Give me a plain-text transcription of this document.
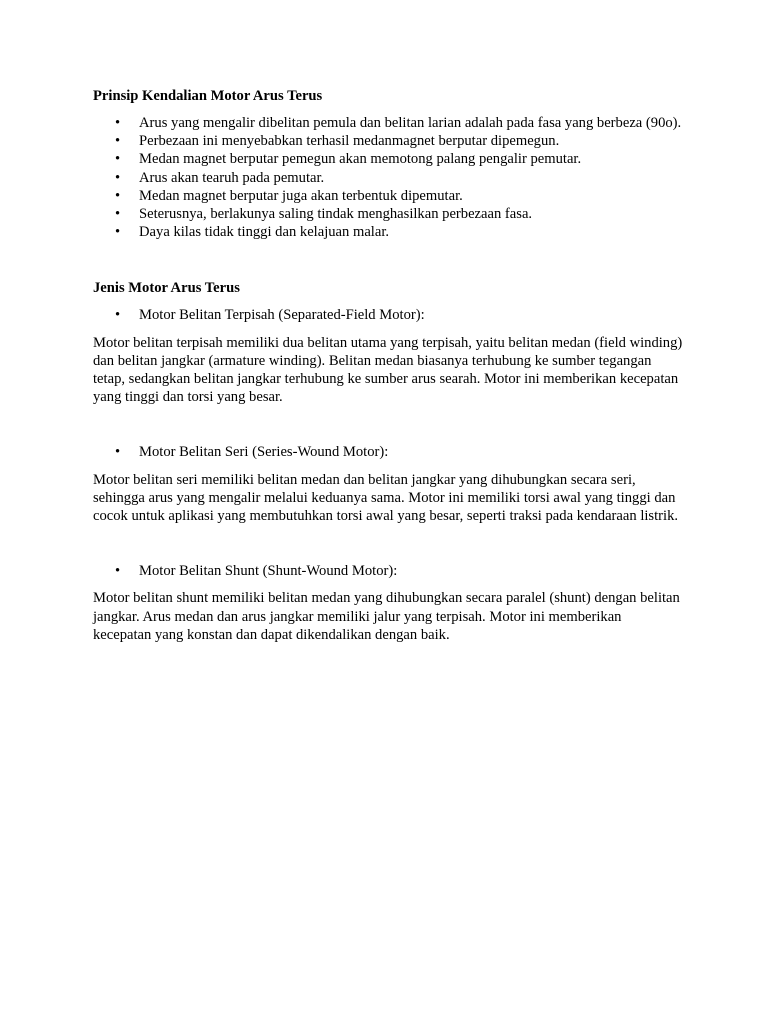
Prinsip Kendalian Motor Arus Terus
• Arus yang mengalir dibelitan pemula dan belitan larian adalah pada fasa yang berbeza (90o).
• Perbezaan ini menyebabkan terhasil medanmagnet berputar dipemegun.
• Medan magnet berputar pemegun akan memotong palang pengalir pemutar.
• Arus akan tearuh pada pemutar.
• Medan magnet berputar juga akan terbentuk dipemutar.
• Seterusnya, berlakunya saling tindak menghasilkan perbezaan fasa.
• Daya kilas tidak tinggi dan kelajuan malar.
Jenis Motor Arus Terus
• Motor Belitan Terpisah (Separated-Field Motor):

Motor belitan terpisah memiliki dua belitan utama yang terpisah, yaitu belitan medan (field winding) dan belitan jangkar (armature winding). Belitan medan biasanya terhubung ke sumber tegangan tetap, sedangkan belitan jangkar terhubung ke sumber arus searah. Motor ini memberikan kecepatan yang tinggi dan torsi yang besar.

• Motor Belitan Seri (Series-Wound Motor):

Motor belitan seri memiliki belitan medan dan belitan jangkar yang dihubungkan secara seri, sehingga arus yang mengalir melalui keduanya sama. Motor ini memiliki torsi awal yang tinggi dan cocok untuk aplikasi yang membutuhkan torsi awal yang besar, seperti traksi pada kendaraan listrik.

• Motor Belitan Shunt (Shunt-Wound Motor):

Motor belitan shunt memiliki belitan medan yang dihubungkan secara paralel (shunt) dengan belitan jangkar. Arus medan dan arus jangkar memiliki jalur yang terpisah. Motor ini memberikan kecepatan yang konstan dan dapat dikendalikan dengan baik.
